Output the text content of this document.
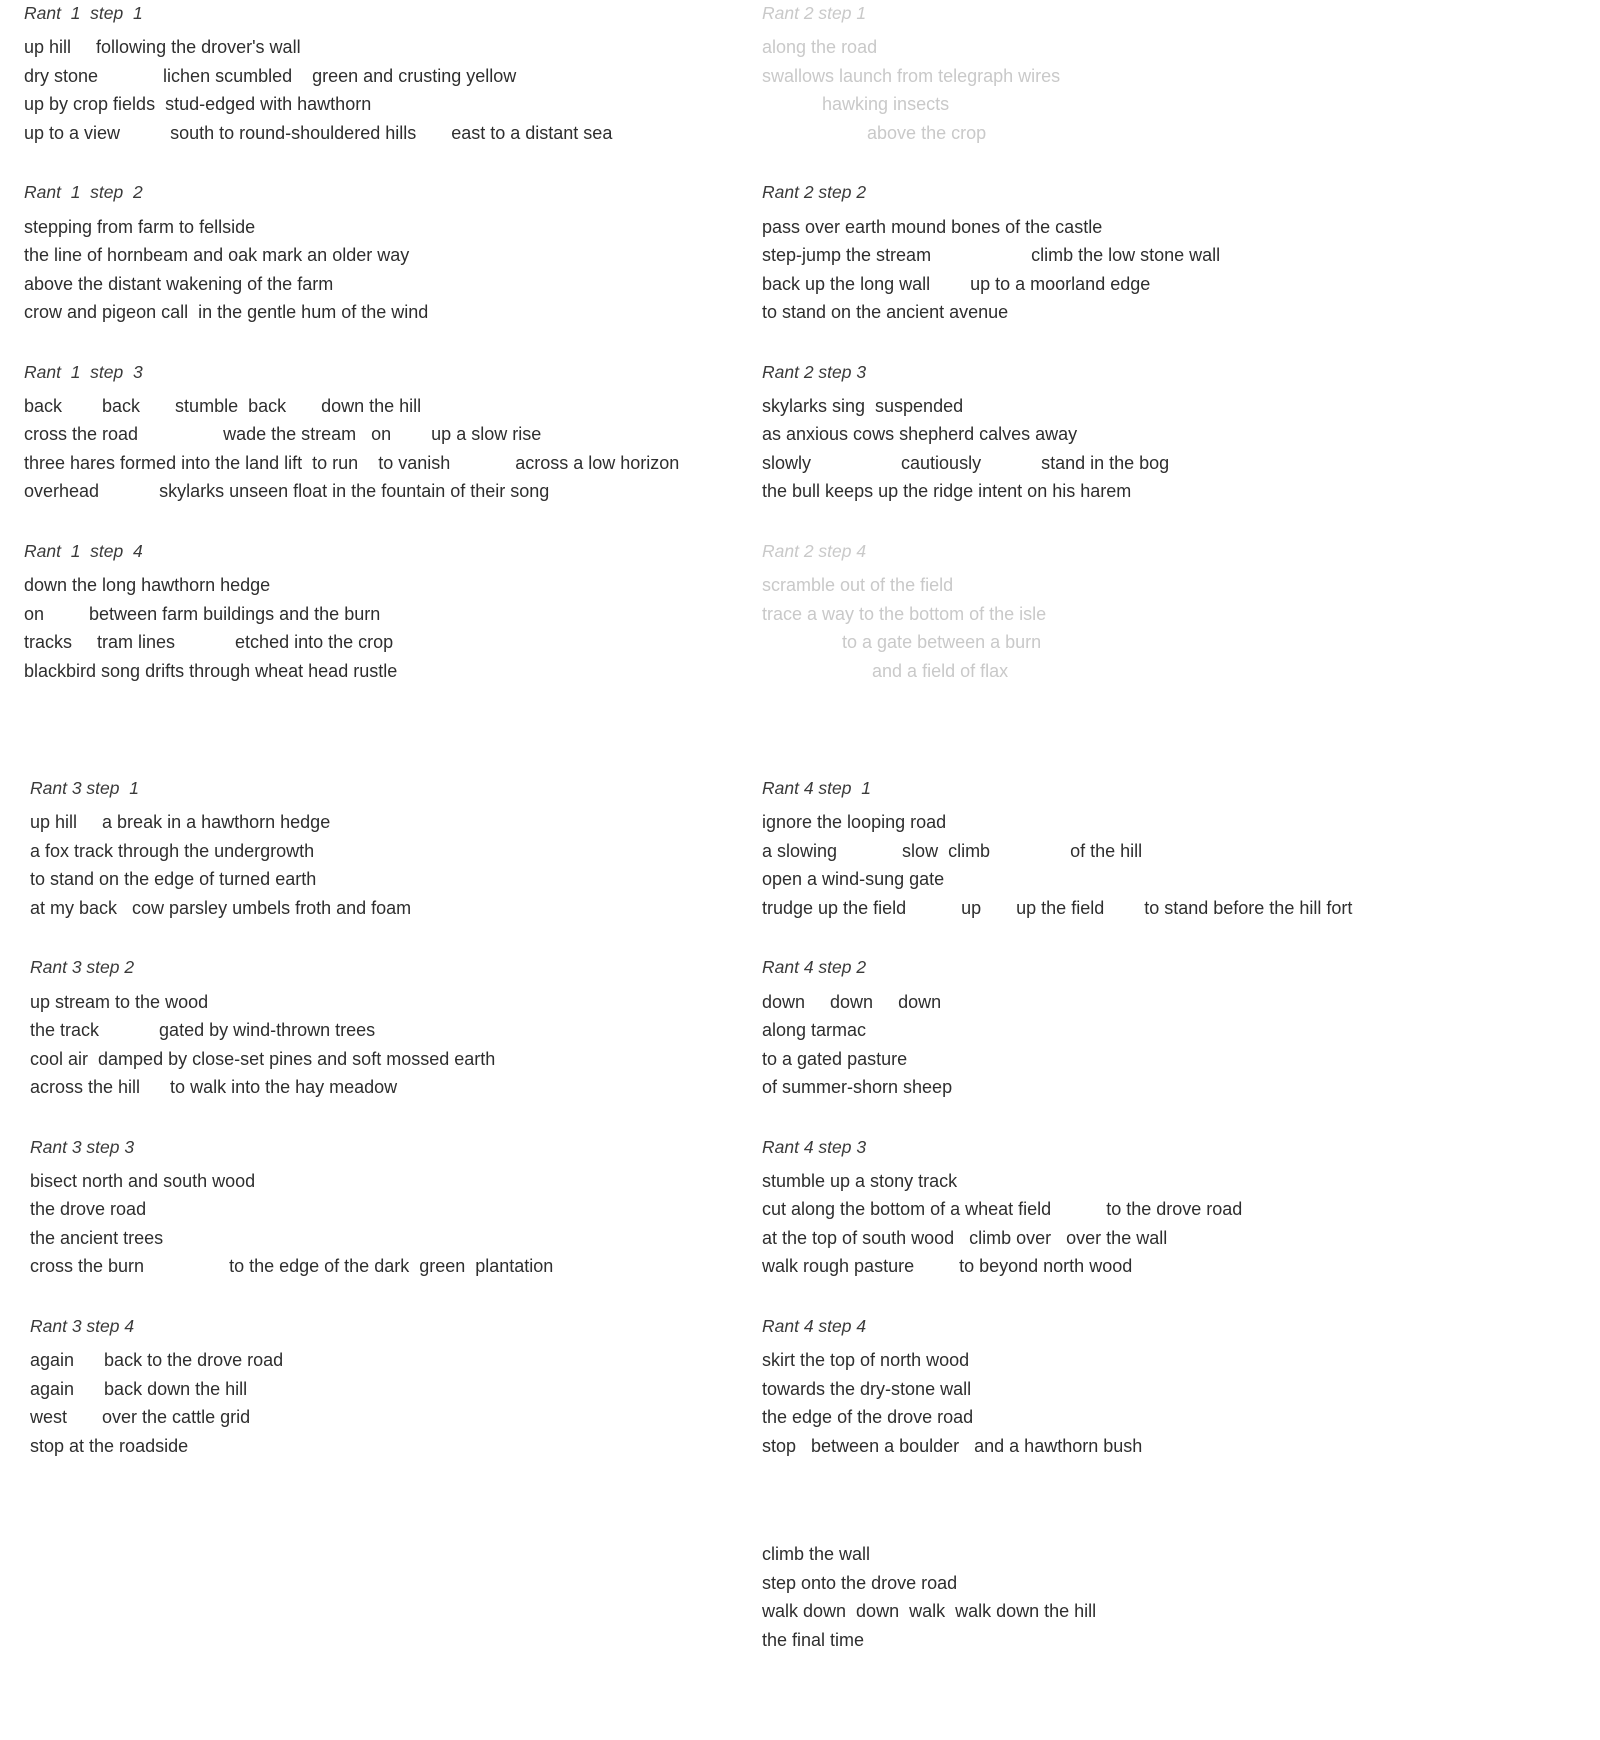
Rant  1  step  1
up hill     following the drover's wall
dry stone             lichen scumbled    green and crusting yellow
up by crop fields  stud-edged with hawthorn
up to a view          south to round-shouldered hills       east to a distant sea
Rant  1  step  2
stepping from farm to fellside
the line of hornbeam and oak mark an older way
above the distant wakening of the farm
crow and pigeon call  in the gentle hum of the wind
Rant  1  step  3
back        back       stumble  back       down the hill
cross the road                 wade the stream   on        up a slow rise
three hares formed into the land lift  to run    to vanish             across a low horizon
overhead            skylarks unseen float in the fountain of their song
Rant  1  step  4
down the long hawthorn hedge
on         between farm buildings and the burn
tracks     tram lines            etched into the crop
blackbird song drifts through wheat head rustle
Rant 2 step 1
along the road
swallows launch from telegraph wires
hawking insects
above the crop
Rant 2 step 2
pass over earth mound bones of the castle
step-jump the stream                    climb the low stone wall
back up the long wall        up to a moorland edge
to stand on the ancient avenue
Rant 2 step 3
skylarks sing  suspended
as anxious cows shepherd calves away
slowly                  cautiously            stand in the bog
the bull keeps up the ridge intent on his harem
Rant 2 step 4
scramble out of the field
trace a way to the bottom of the isle
to a gate between a burn
and a field of flax
Rant 3 step  1
up hill     a break in a hawthorn hedge
a fox track through the undergrowth
to stand on the edge of turned earth
at my back   cow parsley umbels froth and foam
Rant 3 step 2
up stream to the wood
the track            gated by wind-thrown trees
cool air  damped by close-set pines and soft mossed earth
across the hill      to walk into the hay meadow
Rant 3 step 3
bisect north and south wood
the drove road
the ancient trees
cross the burn                 to the edge of the dark  green  plantation
Rant 3 step 4
again      back to the drove road
again      back down the hill
west       over the cattle grid
stop at the roadside
Rant 4 step  1
ignore the looping road
a slowing             slow  climb                of the hill
open a wind-sung gate
trudge up the field           up       up the field        to stand before the hill fort
Rant 4 step 2
down     down     down
along tarmac
to a gated pasture
of summer-shorn sheep
Rant 4 step 3
stumble up a stony track
cut along the bottom of a wheat field           to the drove road
at the top of south wood   climb over   over the wall
walk rough pasture         to beyond north wood
Rant 4 step 4
skirt the top of north wood
towards the dry-stone wall
the edge of the drove road
stop   between a boulder   and a hawthorn bush
climb the wall
step onto the drove road
walk down  down  walk  walk down the hill
the final time
